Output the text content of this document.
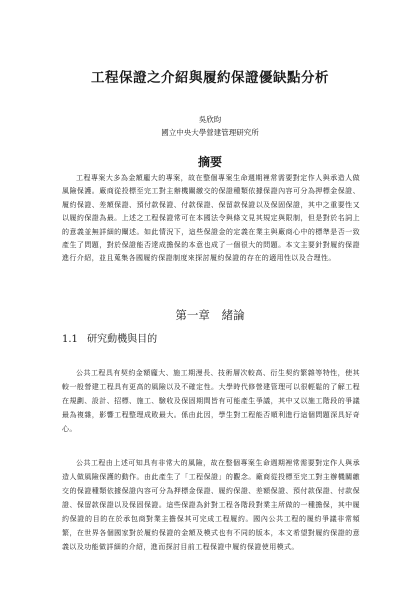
工程保證之介紹與履約保證優缺點分析
吳欣昀
國立中央大學營建管理研究所
摘要
工程專案大多為金額龐大的專案，故在整個專案生命週期裡常需要對定作人與承造人做風險保護。廠商從投標至完工對主辦機關繳交的保證種類依據保證內容可分為押標金保證、履約保證、差額保證、預付款保證、付款保證、保留款保證以及保固保證，其中之重要性又以履約保證為最。上述之工程保證常可在本國法令與條文見其規定與限制，但是對於名詞上的意義並無詳細的闡述。如此情況下，這些保證金的定義在業主與廠商心中的標準是否一致產生了問題，對於保證能否達成擔保的本意也成了一個很大的問題。本文主要針對履約保證進行介紹，並且蒐集各國履約保證制度來探討履約保證的存在的適用性以及合理性。
第一章 緒論
1.1 研究動機與目的
公共工程具有契約金額龐大、施工期漫長、技術層次較高、衍生契約繁雜等特性，使其較一般營建工程具有更高的風險以及不確定性。大學時代修營建管理可以很輕鬆的了解工程在規劃、設計、招標、施工、驗收及保固期間皆有可能產生爭議，其中又以施工階段的爭議最為複雜，影響工程整理成敗最大。係由此因，學生對工程能否順利進行這個問題深具好奇心。
公共工程由上述可知具有非常大的風險，故在整個專案生命週期裡常需要對定作人與承造人做風險保護的動作。由此產生了「工程保證」的觀念。廠商從投標至完工對主辦機關繳交的保證種類依據保證內容可分為押標金保證、履約保證、差額保證、預付款保證、付款保證、保留款保證以及保固保證。這些保證為針對工程各階段對業主所做的一種擔保，其中履約保證的目的在於承包商對業主擔保其可完成工程履約。國內公共工程的履約爭議非常頻繁，在世界各個國家對於履約保證的金額及模式也有不同的版本，本文希望對履約保證的意義以及功能做詳細的介紹，進而探討目前工程保證中履約保證使用模式。
